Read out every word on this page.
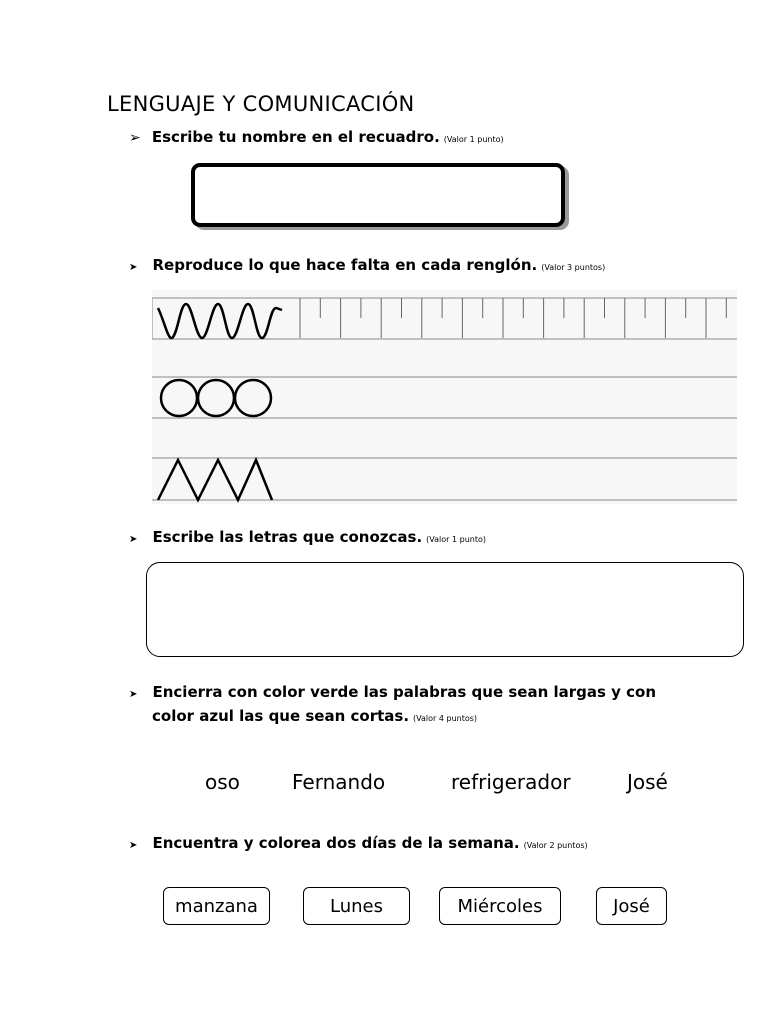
LENGUAJE Y COMUNICACIÓN
➢ Escribe tu nombre en el recuadro. (Valor 1 punto)
➤ Reproduce lo que hace falta en cada renglón. (Valor 3 puntos)
➤ Escribe las letras que conozcas. (Valor 1 punto)
➤ Encierra con color verde las palabras que sean largas y con
color azul las que sean cortas. (Valor 4 puntos)
oso	Fernando	refrigerador	José
➤ Encuentra y colorea dos días de la semana. (Valor 2 puntos)
manzana	Lunes	Miércoles	José
